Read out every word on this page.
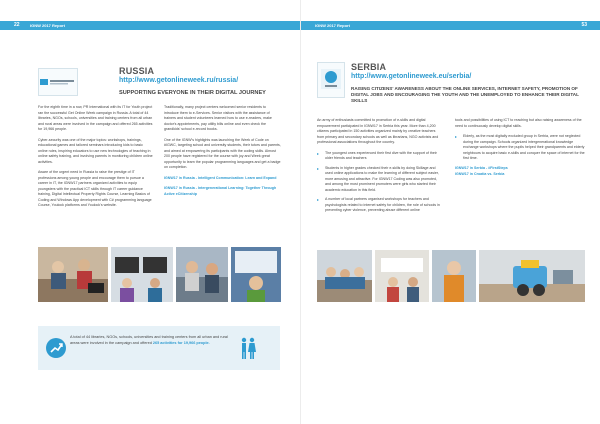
22	IGNW 2017 Report
RUSSIA
http://www.getonlineweek.ru/russia/
SUPPORTING EVERYONE IN THEIR DIGITAL JOURNEY

For the eighth time in a row, PR International with its IT for Youth project ran the successful Get Online Week campaign in Russia. A total of 44 libraries, NGOs, schools, universities and training centers from all urban and rural areas were involved in the campaign and offered 265 activities for 19,966 people.

Cyber-security was one of the major topics: workshops, trainings, educational games and tailored seminars introducing kids to basic online rules, inspiring educators to use new technologies of teaching in online safety training, and involving parents in monitoring children online activities.

Aware of the urgent need in Russia to raise the prestige of IT professions among young people and encourage them to pursue a career in IT, the IGNW17 partners organized activities to equip youngsters with the practical ICT skills through IT career guidance training, Digital Intellectual Property Rights Course, Learning Basics of Coding and Windows App development with C# programming language Course, Youlock platforms and Youlock's website.

Traditionally, many project centers welcomed senior residents to introduce them to e-Services. Senior visitors with the assistance of trainers and student volunteers learned how to use e-readers, make doctor's appointments, pay utility bills online and even check the grandkids' school e-record books.

One of the IGNW's highlights was launching the Week of Code on #IGWC, targeting school and university students, their tutors and parents, and aimed at empowering its participants with the coding skills. Almost 200 people have registered for the course with joy and Week great opportunity to learn the popular programming languages and get a badge on completion.

IGNW17 in Russia - Intelligent Communication: Learn and Expand

IGNW17 in Russia - Intergenerational Learning: Together Through Active eCitizenship

A total of 44 libraries, NGOs, schools, universities and training centers from all urban and rural areas were involved in the campaign and offered 265 activities for 19,966 people.
IGNW 2017 Report	53
SERBIA
http://www.getonlineweek.eu/serbia/
RAISING CITIZENS' AWARENESS ABOUT THE ONLINE SERVICES, INTERNET SAFETY, PROMOTION OF DIGITAL JOBS AND ENCOURAGING THE YOUTH AND THE UNEMPLOYED TO ENHANCE THEIR DIGITAL SKILLS

An army of enthusiasts committed to promotion of e-skills and digital empowerment participated in IGNW17 in Serbia this year. More than 4,200 citizens participated in 150 activities organized mainly by creative teachers from primary and secondary schools as well as librarians, NGO activists and professional associations throughout the country.

▸ The youngest ones experienced their first dive with the support of their older friends and teachers
▸ Students in higher grades checked their e-skills by doing Skillage and used online applications to make the learning of different subject easier, more amusing and attractive. For IGNW17 Coding was also promoted, and among the most prominent promoters were girls who started their academic education in this field.
▸ A number of local partners organised workshops for teachers and psychologists related to internet safety for children, the role of schools in preventing cyber violence, preventing abuse different online

tools and possibilities of using ICT to reaching but also raising awareness of the need to continuously develop digital skills.

▸ Elderly, as the most digitally excluded group in Serbia, were not neglected during the campaign. Schools organized intergenerational knowledge exchange workshops where the pupils helped their grandparents and elderly neighbours to acquire basic e-skills and conquer the space of internet for the first time.

IGNW17 in Serbia - #FirstSteps

IGNW17 in Croatia vs. Serbia
